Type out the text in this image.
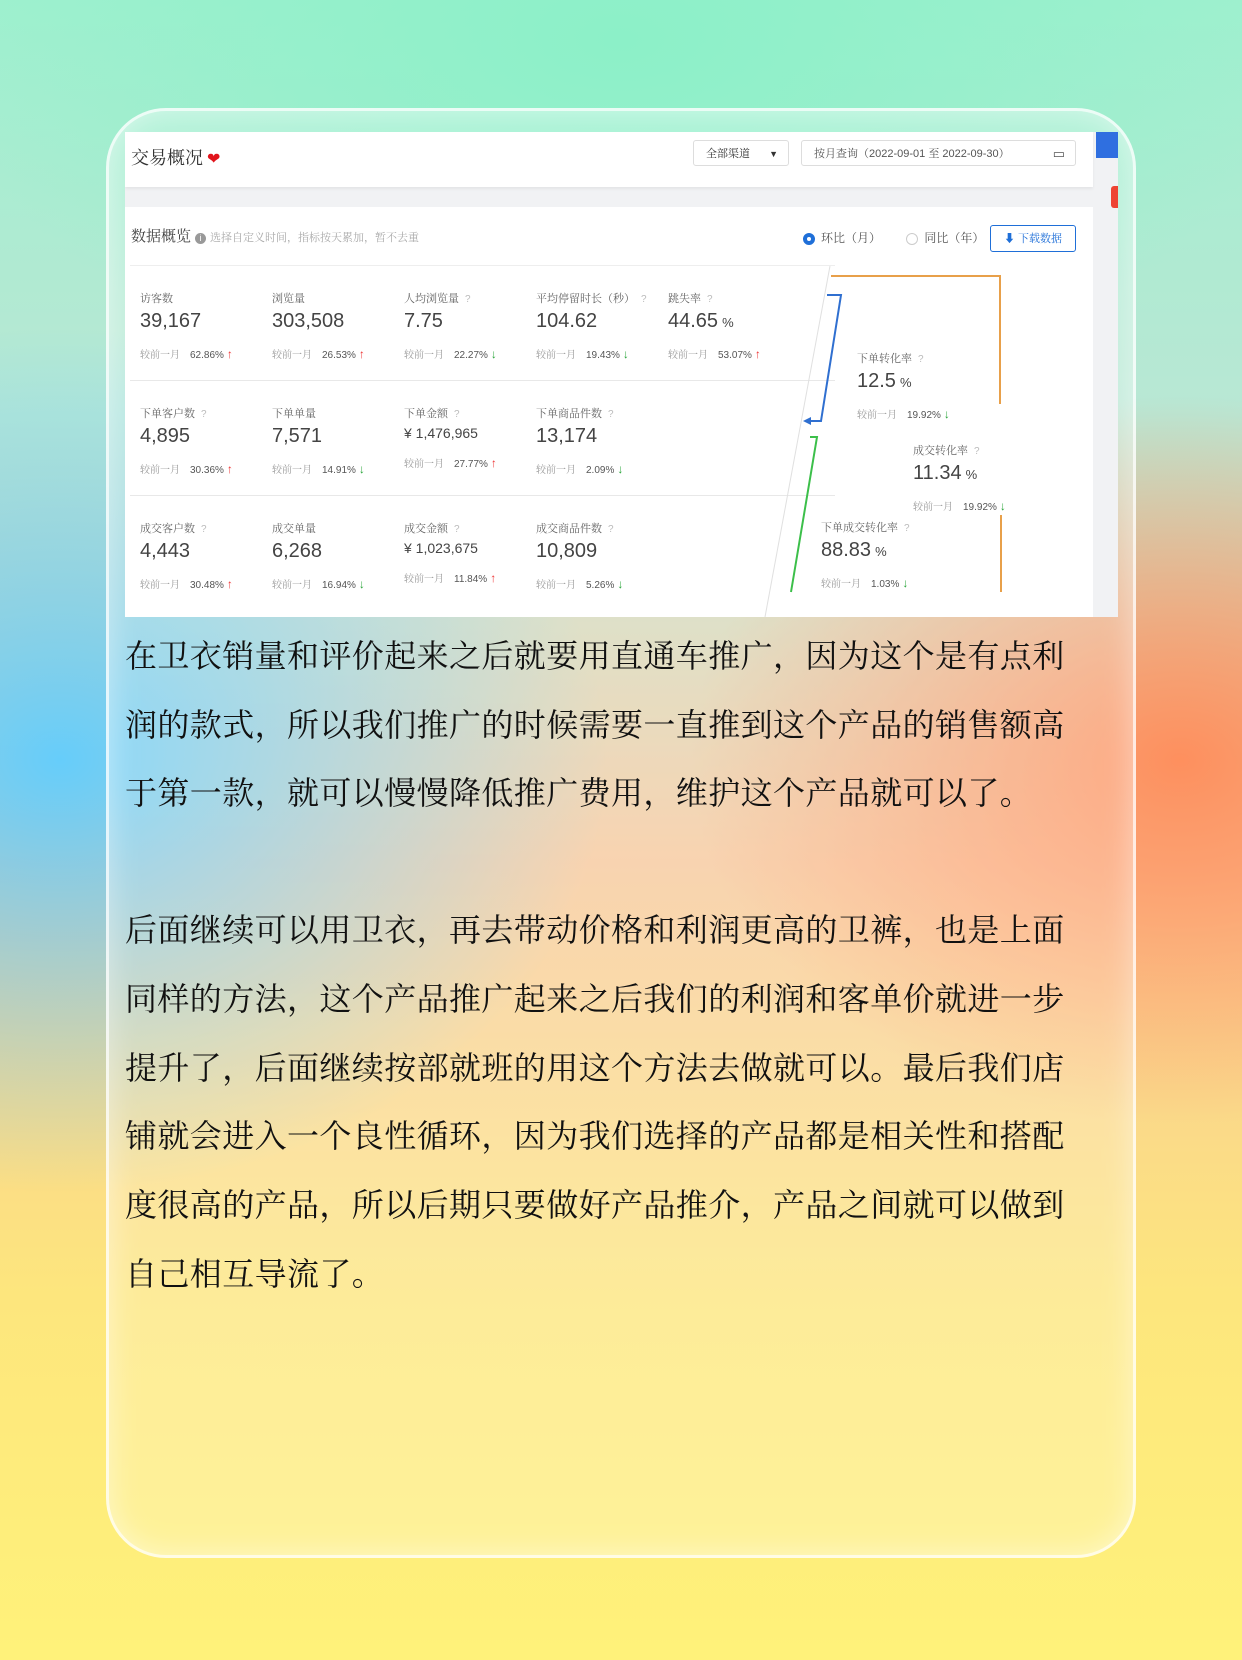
交易概况 ❤	全部渠道 ▼	按月查询（2022-09-01 至 2022-09-30）	▭
数据概览 i 选择自定义时间，指标按天累加，暂不去重	环比（月）	同比（年）	⬇ 下载数据
访客数
39,167
较前一月 62.86% ↑
浏览量
303,508
较前一月 26.53% ↑
人均浏览量 ?
7.75
较前一月 22.27% ↓
平均停留时长（秒） ?
104.62
较前一月 19.43% ↓
跳失率 ?
44.65 %
较前一月 53.07% ↑
下单客户数 ?
4,895
较前一月 30.36% ↑
下单单量
7,571
较前一月 14.91% ↓
下单金额 ?
¥ 1,476,965
较前一月 27.77% ↑
下单商品件数 ?
13,174
较前一月 2.09% ↓
成交客户数 ?
4,443
较前一月 30.48% ↑
成交单量
6,268
较前一月 16.94% ↓
成交金额 ?
¥ 1,023,675
较前一月 11.84% ↑
成交商品件数 ?
10,809
较前一月 5.26% ↓
下单转化率 ?
12.5 %
较前一月 19.92% ↓
成交转化率 ?
11.34 %
较前一月 19.92% ↓
下单成交转化率 ?
88.83 %
较前一月 1.03% ↓

在卫衣销量和评价起来之后就要用直通车推广，因为这个是有点利润的款式，所以我们推广的时候需要一直推到这个产品的销售额高于第一款，就可以慢慢降低推广费用，维护这个产品就可以了。

后面继续可以用卫衣，再去带动价格和利润更高的卫裤，也是上面同样的方法，这个产品推广起来之后我们的利润和客单价就进一步提升了，后面继续按部就班的用这个方法去做就可以。最后我们店铺就会进入一个良性循环，因为我们选择的产品都是相关性和搭配度很高的产品，所以后期只要做好产品推介，产品之间就可以做到自己相互导流了。
